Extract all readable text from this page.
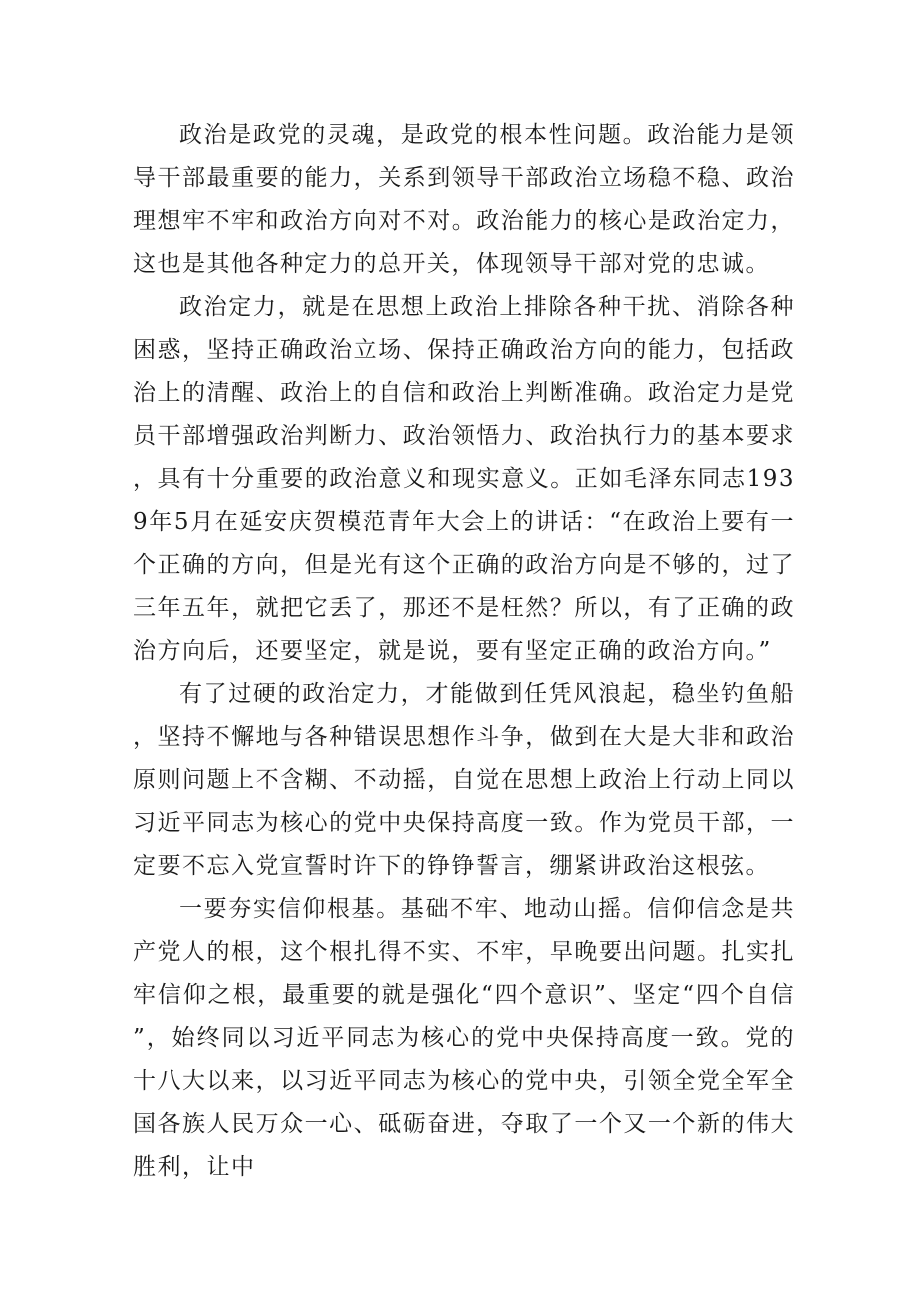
政治是政党的灵魂，是政党的根本性问题。政治能力是领导干部最重要的能力，关系到领导干部政治立场稳不稳、政治理想牢不牢和政治方向对不对。政治能力的核心是政治定力，这也是其他各种定力的总开关，体现领导干部对党的忠诚。

政治定力，就是在思想上政治上排除各种干扰、消除各种困惑，坚持正确政治立场、保持正确政治方向的能力，包括政治上的清醒、政治上的自信和政治上判断准确。政治定力是党员干部增强政治判断力、政治领悟力、政治执行力的基本要求，具有十分重要的政治意义和现实意义。正如毛泽东同志1939年5月在延安庆贺模范青年大会上的讲话：“在政治上要有一个正确的方向，但是光有这个正确的政治方向是不够的，过了三年五年，就把它丢了，那还不是枉然？所以，有了正确的政治方向后，还要坚定，就是说，要有坚定正确的政治方向。”

有了过硬的政治定力，才能做到任凭风浪起，稳坐钓鱼船，坚持不懈地与各种错误思想作斗争，做到在大是大非和政治原则问题上不含糊、不动摇，自觉在思想上政治上行动上同以习近平同志为核心的党中央保持高度一致。作为党员干部，一定要不忘入党宣誓时许下的铮铮誓言，绷紧讲政治这根弦。

一要夯实信仰根基。基础不牢、地动山摇。信仰信念是共产党人的根，这个根扎得不实、不牢，早晚要出问题。扎实扎牢信仰之根，最重要的就是强化“四个意识”、坚定“四个自信”，始终同以习近平同志为核心的党中央保持高度一致。党的十八大以来，以习近平同志为核心的党中央，引领全党全军全国各族人民万众一心、砥砺奋进，夺取了一个又一个新的伟大胜利，让中
